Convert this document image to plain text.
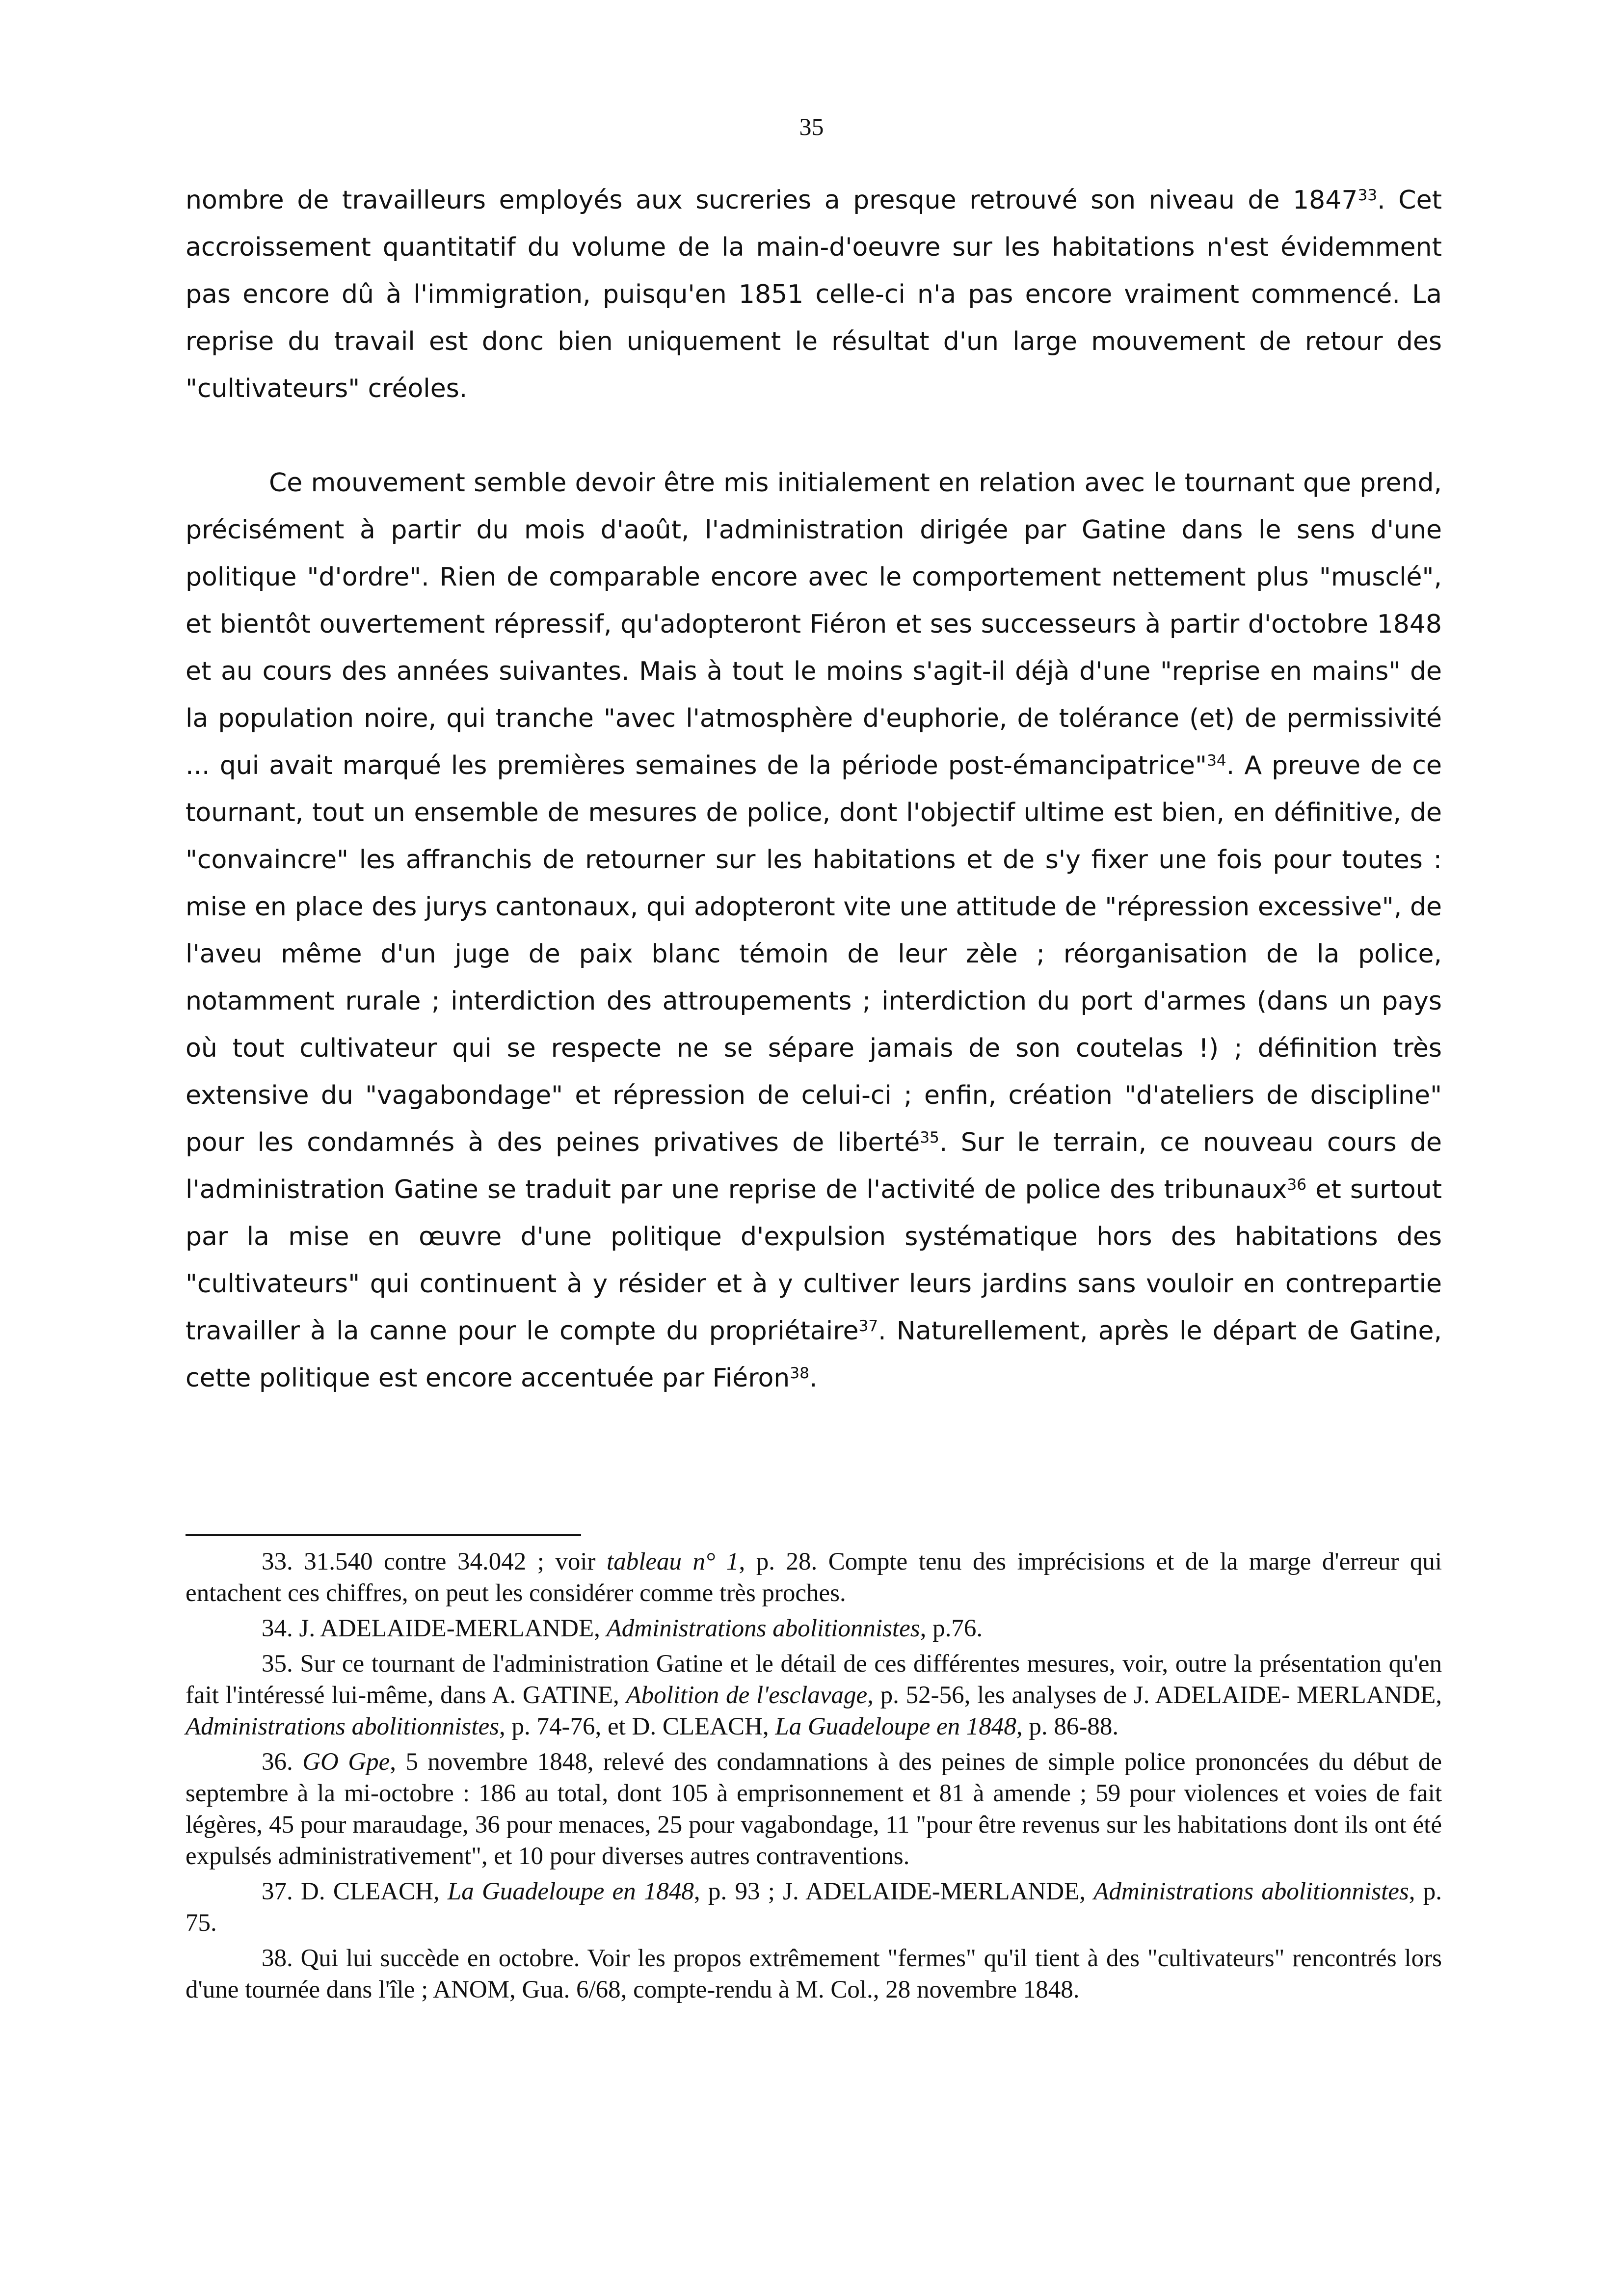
35

nombre de travailleurs employés aux sucreries a presque retrouvé son niveau de 1847$^{33}$. Cet accroissement quantitatif du volume de la main-d'oeuvre sur les habitations n'est évidemment pas encore dû à l'immigration, puisqu'en 1851 celle-ci n'a pas encore vraiment commencé. La reprise du travail est donc bien uniquement le résultat d'un large mouvement de retour des "cultivateurs" créoles.

Ce mouvement semble devoir être mis initialement en relation avec le tournant que prend, précisément à partir du mois d'août, l'administration dirigée par Gatine dans le sens d'une politique "d'ordre". Rien de comparable encore avec le comportement nettement plus "musclé", et bientôt ouvertement répressif, qu'adopteront Fiéron et ses successeurs à partir d'octobre 1848 et au cours des années suivantes. Mais à tout le moins s'agit-il déjà d'une "reprise en mains" de la population noire, qui tranche "avec l'atmosphère d'euphorie, de tolérance (et) de permissivité ... qui avait marqué les premières semaines de la période post-émancipatrice"$^{34}$. A preuve de ce tournant, tout un ensemble de mesures de police, dont l'objectif ultime est bien, en définitive, de "convaincre" les affranchis de retourner sur les habitations et de s'y fixer une fois pour toutes : mise en place des jurys cantonaux, qui adopteront vite une attitude de "répression excessive", de l'aveu même d'un juge de paix blanc témoin de leur zèle ; réorganisation de la police, notamment rurale ; interdiction des attroupements ; interdiction du port d'armes (dans un pays où tout cultivateur qui se respecte ne se sépare jamais de son coutelas !) ; définition très extensive du "vagabondage" et répression de celui-ci ; enfin, création "d'ateliers de discipline" pour les condamnés à des peines privatives de liberté$^{35}$. Sur le terrain, ce nouveau cours de l'administration Gatine se traduit par une reprise de l'activité de police des tribunaux$^{36}$ et surtout par la mise en œuvre d'une politique d'expulsion systématique hors des habitations des "cultivateurs" qui continuent à y résider et à y cultiver leurs jardins sans vouloir en contrepartie travailler à la canne pour le compte du propriétaire$^{37}$. Naturellement, après le départ de Gatine, cette politique est encore accentuée par Fiéron$^{38}$.

33. 31.540 contre 34.042 ; voir tableau n° 1, p. 28. Compte tenu des imprécisions et de la marge d'erreur qui entachent ces chiffres, on peut les considérer comme très proches.

34. J. ADELAIDE-MERLANDE, Administrations abolitionnistes, p.76.

35. Sur ce tournant de l'administration Gatine et le détail de ces différentes mesures, voir, outre la présentation qu'en fait l'intéressé lui-même, dans A. GATINE, Abolition de l'esclavage, p. 52-56, les analyses de J. ADELAIDE- MERLANDE, Administrations abolitionnistes, p. 74-76, et D. CLEACH, La Guadeloupe en 1848, p. 86-88.

36. GO Gpe, 5 novembre 1848, relevé des condamnations à des peines de simple police prononcées du début de septembre à la mi-octobre : 186 au total, dont 105 à emprisonnement et 81 à amende ; 59 pour violences et voies de fait légères, 45 pour maraudage, 36 pour menaces, 25 pour vagabondage, 11 "pour être revenus sur les habitations dont ils ont été expulsés administrativement", et 10 pour diverses autres contraventions.

37. D. CLEACH, La Guadeloupe en 1848, p. 93 ; J. ADELAIDE-MERLANDE, Administrations abolitionnistes, p. 75.

38. Qui lui succède en octobre. Voir les propos extrêmement "fermes" qu'il tient à des "cultivateurs" rencontrés lors d'une tournée dans l'île ; ANOM, Gua. 6/68, compte-rendu à M. Col., 28 novembre 1848.
